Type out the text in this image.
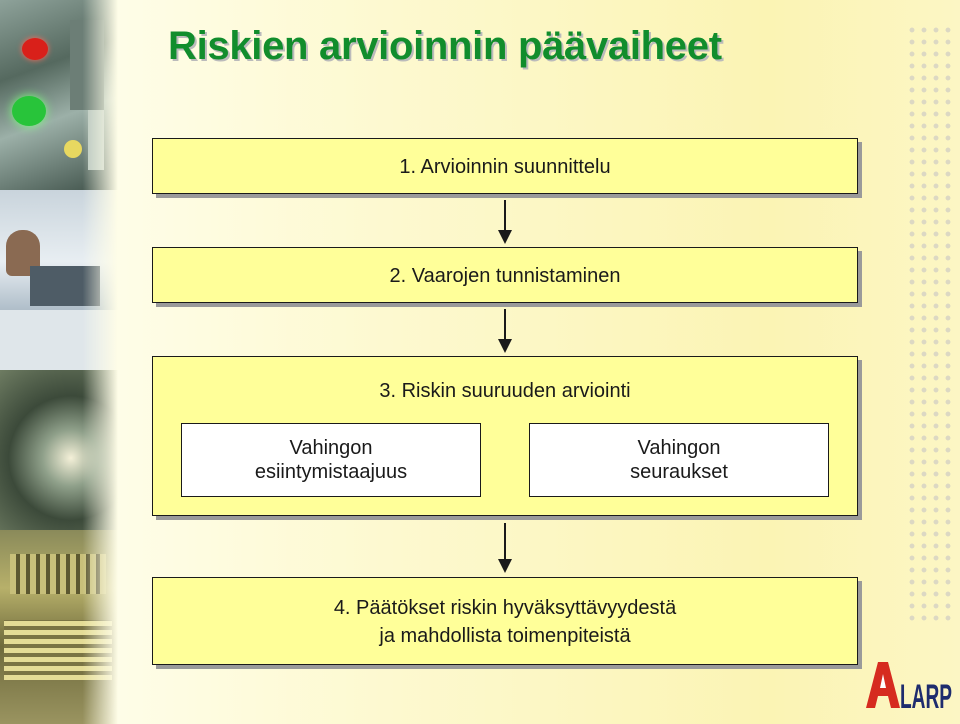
Riskien arvioinnin päävaiheet
1. Arvioinnin suunnittelu
2. Vaarojen tunnistaminen
3. Riskin suuruuden arviointi
Vahingon
esiintymistaajuus
Vahingon
seuraukset
4. Päätökset riskin hyväksyttävyydestä
ja mahdollista toimenpiteistä
LARP
